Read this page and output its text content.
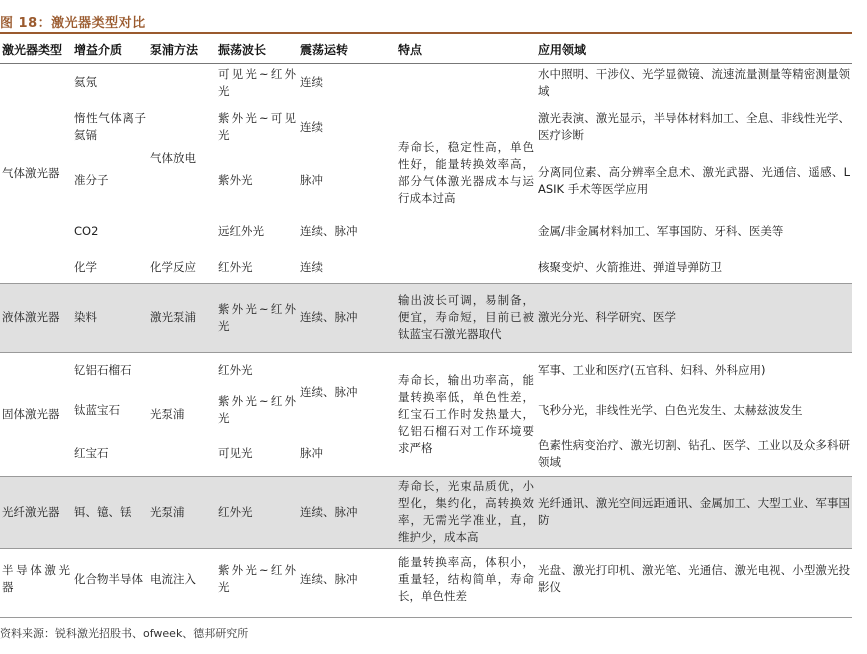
图 18：激光器类型对比
激光器类型	增益介质	泵浦方法	振荡波长	震荡运转	特点	应用领域
气体激光器	氦氖	气体放电	可见光~红外光	连续	寿命长，稳定性高，单色性好，能量转换效率高，部分气体激光器成本与运行成本过高	水中照明、干涉仪、光学显微镜、流速流量测量等精密测量领域
	惰性气体离子氦镉		紫外光~可见光	连续		激光表演、激光显示，半导体材料加工、全息、非线性光学、医疗诊断
	准分子		紫外光	脉冲		分离同位素、高分辨率全息术、激光武器、光通信、遥感、LASIK 手术等医学应用
	CO2		远红外光	连续、脉冲		金属/非金属材料加工、军事国防、牙科、医美等
	化学	化学反应	红外光	连续		核聚变炉、火箭推进、弹道导弹防卫
液体激光器	染料	激光泵浦	紫外光~红外光	连续、脉冲	输出波长可调，易制备，便宜，寿命短，目前已被钛蓝宝石激光器取代	激光分光、科学研究、医学
固体激光器	钇铝石榴石	光泵浦	红外光	连续、脉冲	寿命长，输出功率高，能量转换率低，单色性差，红宝石工作时发热量大，钇铝石榴石对工作环境要求严格	军事、工业和医疗(五官科、妇科、外科应用)
	钛蓝宝石		紫外光~红外光			飞秒分光，非线性光学、白色光发生、太赫兹波发生
	红宝石		可见光	脉冲		色素性病变治疗、激光切割、钻孔、医学、工业以及众多科研领域
光纤激光器	铒、镱、铥	光泵浦	红外光	连续、脉冲	寿命长，光束品质优，小型化，集约化，高转换效率，无需光学准业，直，维护少，成本高	光纤通讯、激光空间远距通讯、金属加工、大型工业、军事国防
半导体激光器	化合物半导体	电流注入	紫外光~红外光	连续、脉冲	能量转换率高，体积小，重量轻，结构简单，寿命长，单色性差	光盘、激光打印机、激光笔、光通信、激光电视、小型激光投影仪
资料来源：锐科激光招股书、ofweek、德邦研究所
